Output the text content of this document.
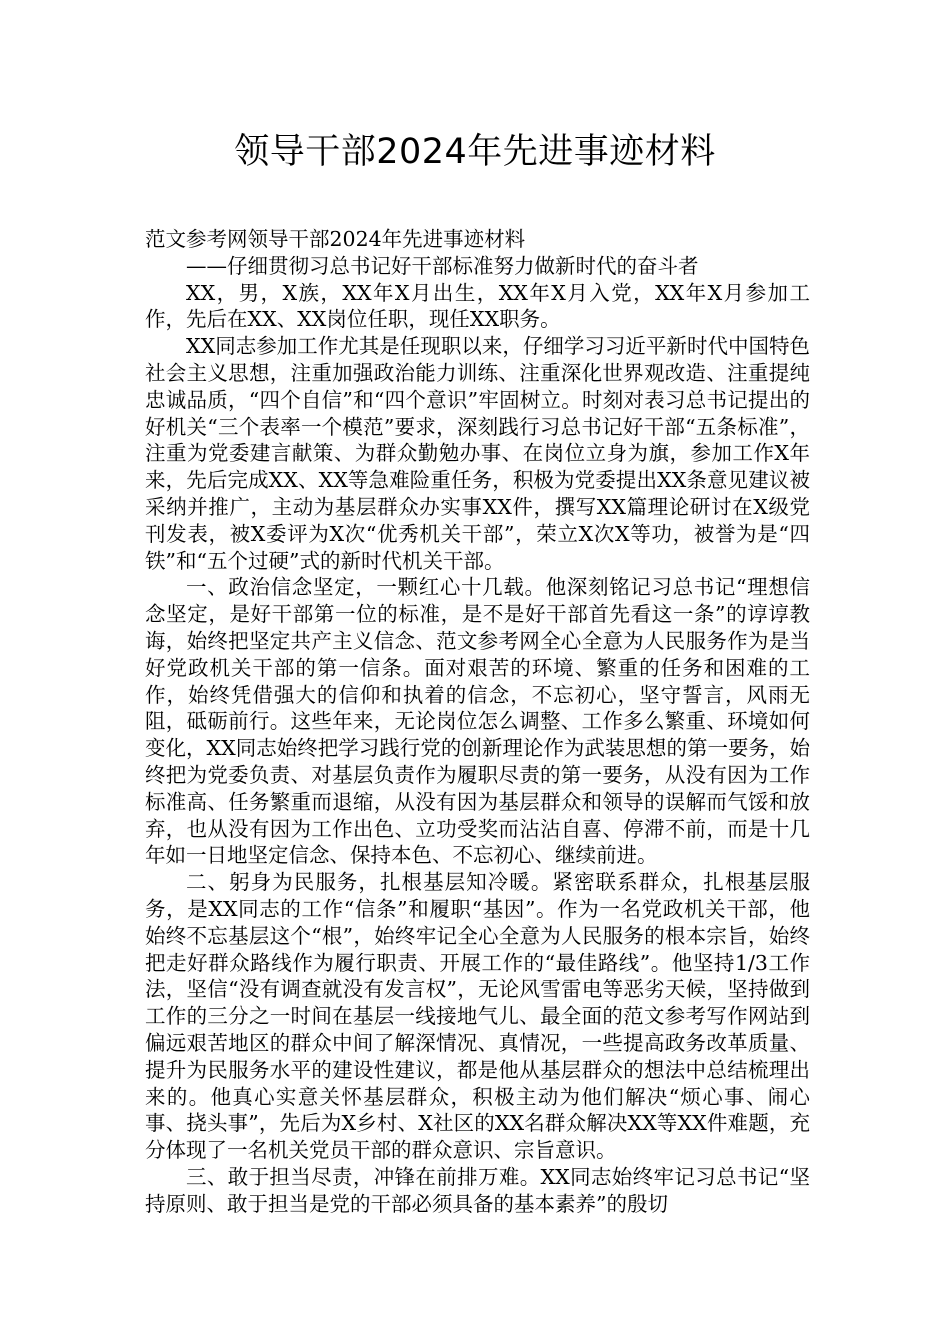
领导干部2024年先进事迹材料

范文参考网领导干部2024年先进事迹材料

——仔细贯彻习总书记好干部标准努力做新时代的奋斗者

XX，男，X族，XX年X月出生，XX年X月入党，XX年X月参加工作，先后在XX、XX岗位任职，现任XX职务。

XX同志参加工作尤其是任现职以来，仔细学习习近平新时代中国特色社会主义思想，注重加强政治能力训练、注重深化世界观改造、注重提纯忠诚品质，“四个自信”和“四个意识”牢固树立。时刻对表习总书记提出的好机关“三个表率一个模范”要求，深刻践行习总书记好干部“五条标准”，注重为党委建言献策、为群众勤勉办事、在岗位立身为旗，参加工作X年来，先后完成XX、XX等急难险重任务，积极为党委提出XX条意见建议被采纳并推广，主动为基层群众办实事XX件，撰写XX篇理论研讨在X级党刊发表，被X委评为X次“优秀机关干部”，荣立X次X等功，被誉为是“四铁”和“五个过硬”式的新时代机关干部。

一、政治信念坚定，一颗红心十几载。他深刻铭记习总书记“理想信念坚定，是好干部第一位的标准，是不是好干部首先看这一条”的谆谆教诲，始终把坚定共产主义信念、范文参考网全心全意为人民服务作为是当好党政机关干部的第一信条。面对艰苦的环境、繁重的任务和困难的工作，始终凭借强大的信仰和执着的信念，不忘初心，坚守誓言，风雨无阻，砥砺前行。这些年来，无论岗位怎么调整、工作多么繁重、环境如何变化，XX同志始终把学习践行党的创新理论作为武装思想的第一要务，始终把为党委负责、对基层负责作为履职尽责的第一要务，从没有因为工作标准高、任务繁重而退缩，从没有因为基层群众和领导的误解而气馁和放弃，也从没有因为工作出色、立功受奖而沾沾自喜、停滞不前，而是十几年如一日地坚定信念、保持本色、不忘初心、继续前进。

二、躬身为民服务，扎根基层知冷暖。紧密联系群众，扎根基层服务，是XX同志的工作“信条”和履职“基因”。作为一名党政机关干部，他始终不忘基层这个“根”，始终牢记全心全意为人民服务的根本宗旨，始终把走好群众路线作为履行职责、开展工作的“最佳路线”。他坚持1/3工作法，坚信“没有调查就没有发言权”，无论风雪雷电等恶劣天候，坚持做到工作的三分之一时间在基层一线接地气儿、最全面的范文参考写作网站到偏远艰苦地区的群众中间了解深情况、真情况，一些提高政务改革质量、提升为民服务水平的建设性建议，都是他从基层群众的想法中总结梳理出来的。他真心实意关怀基层群众，积极主动为他们解决“烦心事、闹心事、挠头事”，先后为X乡村、X社区的XX名群众解决XX等XX件难题，充分体现了一名机关党员干部的群众意识、宗旨意识。

三、敢于担当尽责，冲锋在前排万难。XX同志始终牢记习总书记“坚持原则、敢于担当是党的干部必须具备的基本素养”的殷切
